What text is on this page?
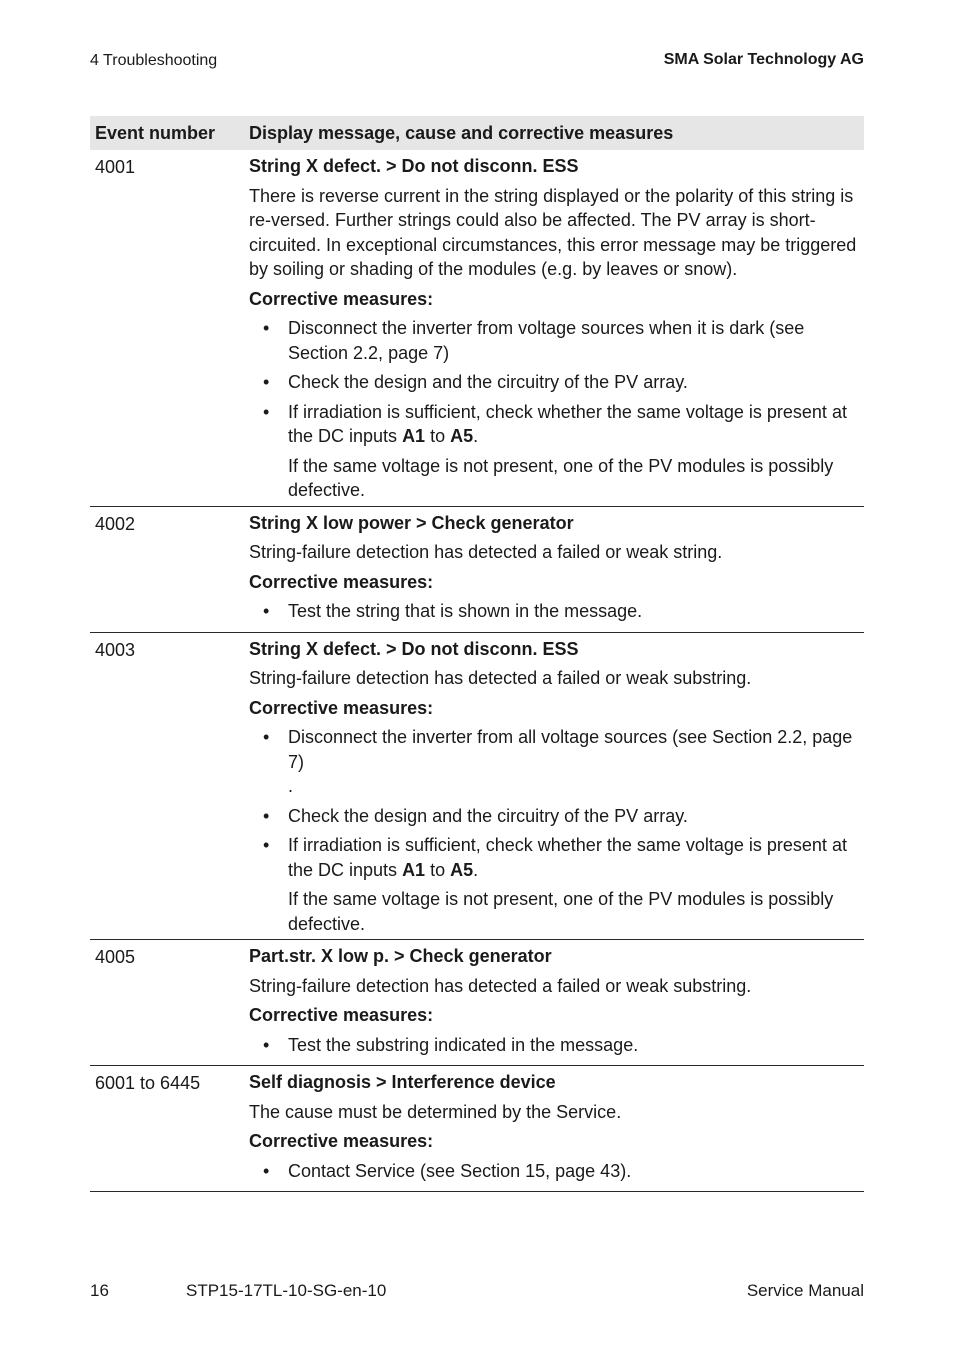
4 Troubleshooting	SMA Solar Technology AG
Event number	Display message, cause and corrective measures
4001	String X defect. > Do not disconn. ESS
There is reverse current in the string displayed or the polarity of this string is re-versed. Further strings could also be affected. The PV array is short-circuited. In exceptional circumstances, this error message may be triggered by soiling or shading of the modules (e.g. by leaves or snow).
Corrective measures:
• Disconnect the inverter from voltage sources when it is dark (see Section 2.2, page 7)
• Check the design and the circuitry of the PV array.
• If irradiation is sufficient, check whether the same voltage is present at the DC inputs A1 to A5.
If the same voltage is not present, one of the PV modules is possibly defective.
4002	String X low power > Check generator
String-failure detection has detected a failed or weak string.
Corrective measures:
• Test the string that is shown in the message.
4003	String X defect. > Do not disconn. ESS
String-failure detection has detected a failed or weak substring.
Corrective measures:
• Disconnect the inverter from all voltage sources (see Section 2.2, page 7)
.
• Check the design and the circuitry of the PV array.
• If irradiation is sufficient, check whether the same voltage is present at the DC inputs A1 to A5.
If the same voltage is not present, one of the PV modules is possibly defective.
4005	Part.str. X low p. > Check generator
String-failure detection has detected a failed or weak substring.
Corrective measures:
• Test the substring indicated in the message.
6001 to 6445	Self diagnosis > Interference device
The cause must be determined by the Service.
Corrective measures:
• Contact Service (see Section 15, page 43).
16	STP15-17TL-10-SG-en-10	Service Manual
